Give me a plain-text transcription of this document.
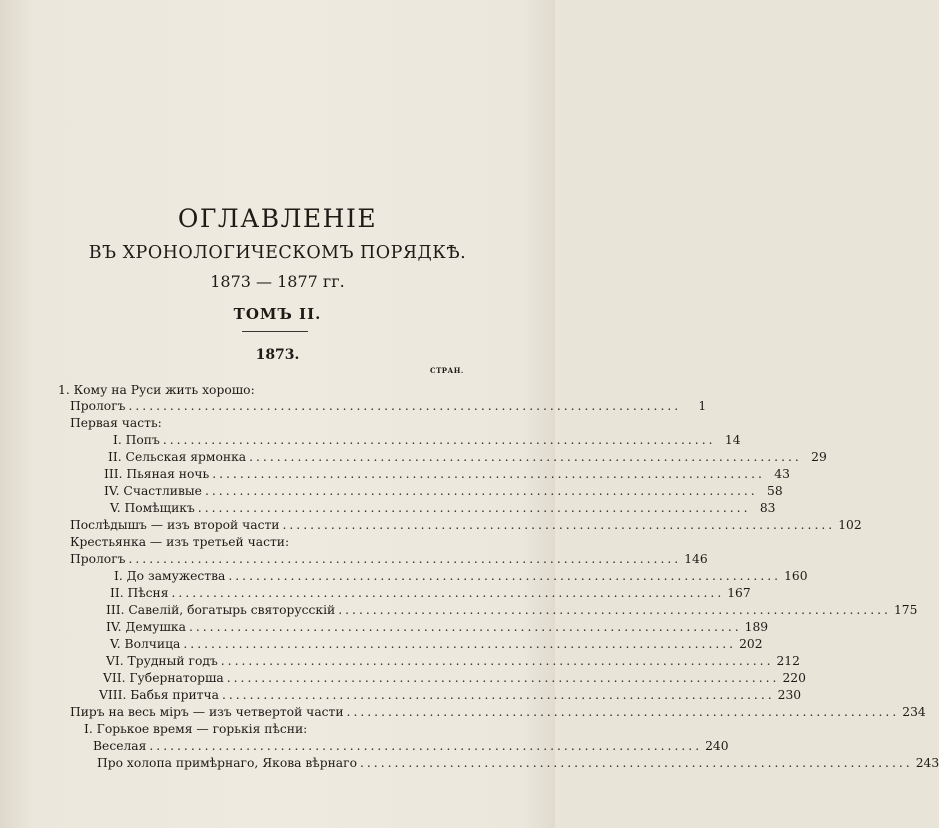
ОГЛАВЛЕНІЕ
ВЪ ХРОНОЛОГИЧЕСКОМЪ ПОРЯДКѢ.
1873 — 1877 гг.
ТОМЪ II.
1873.
СТРАН.
1. Кому на Руси жить хорошо:
Прологъ ................................................................................	1
Первая часть:
I. Попъ ................................................................................ 14
II. Сельская ярмонка ................................................................................ 29
III. Пьяная ночь ................................................................................ 43
IV. Счастливые ................................................................................ 58
V. Помѣщикъ ................................................................................ 83
Послѣдышъ — изъ второй части ................................................................................ 102
Крестьянка — изъ третьей части:
Прологъ ................................................................................ 146
I. До замужества ................................................................................ 160
II. Пѣсня ................................................................................ 167
III. Савелій, богатырь святорусскій ................................................................................ 175
IV. Демушка ................................................................................ 189
V. Волчица ................................................................................ 202
VI. Трудный годъ ................................................................................ 212
VII. Губернаторша ................................................................................ 220
VIII. Бабья притча ................................................................................ 230
Пиръ на весь міръ — изъ четвертой части ................................................................................ 234
I. Горькое время — горькія пѣсни:
Веселая ................................................................................ 240
Про холопа примѣрнаго, Якова вѣрнаго ................................................................................ 243
